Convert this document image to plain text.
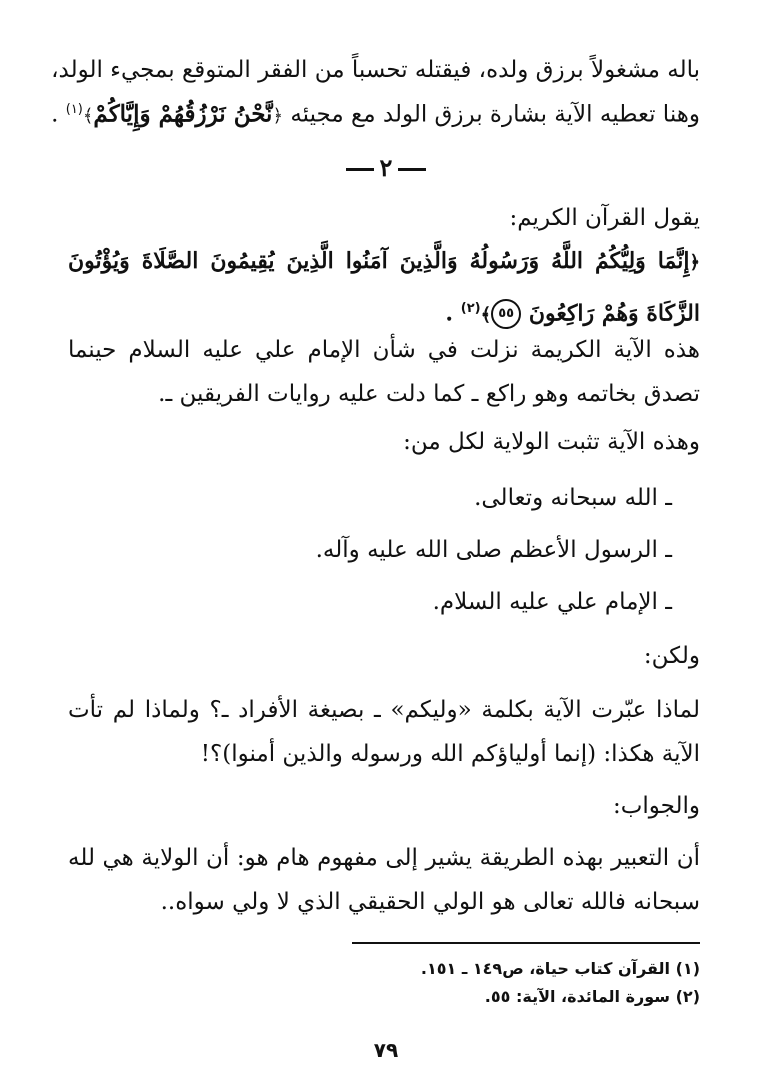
باله مشغولاً برزق ولده، فيقتله تحسباً من الفقر المتوقع بمجيء الولد،

وهنا تعطيه الآية بشارة برزق الولد مع مجيئه ﴿نَّحْنُ نَرْزُقُهُمْ وَإِيَّاكُمْ﴾$^{(١)}$ .

٢

يقول القرآن الكريم:

﴿إِنَّمَا وَلِيُّكُمُ اللَّهُ وَرَسُولُهُ وَالَّذِينَ آمَنُوا الَّذِينَ يُقِيمُونَ الصَّلَاةَ وَيُؤْتُونَ الزَّكَاةَ وَهُمْ رَاكِعُونَ ٥٥﴾$^{(٢)}$ .

هذه الآية الكريمة نزلت في شأن الإمام علي عليه السلام حينما تصدق بخاتمه وهو راكع ـ كما دلت عليه روايات الفريقين ـ.

وهذه الآية تثبت الولاية لكل من:

ـ الله سبحانه وتعالى.

ـ الرسول الأعظم صلى الله عليه وآله.

ـ الإمام علي عليه السلام.

ولكن:

لماذا عبّرت الآية بكلمة «وليكم» ـ بصيغة الأفراد ـ؟ ولماذا لم تأت الآية هكذا: (إنما أولياؤكم الله ورسوله والذين أمنوا)؟!

والجواب:

أن التعبير بهذه الطريقة يشير إلى مفهوم هام هو: أن الولاية هي لله سبحانه فالله تعالى هو الولي الحقيقي الذي لا ولي سواه..

(١) القرآن كتاب حياة، ص١٤٩ ـ ١٥١.

(٢) سورة المائدة، الآية: ٥٥.

٧٩
